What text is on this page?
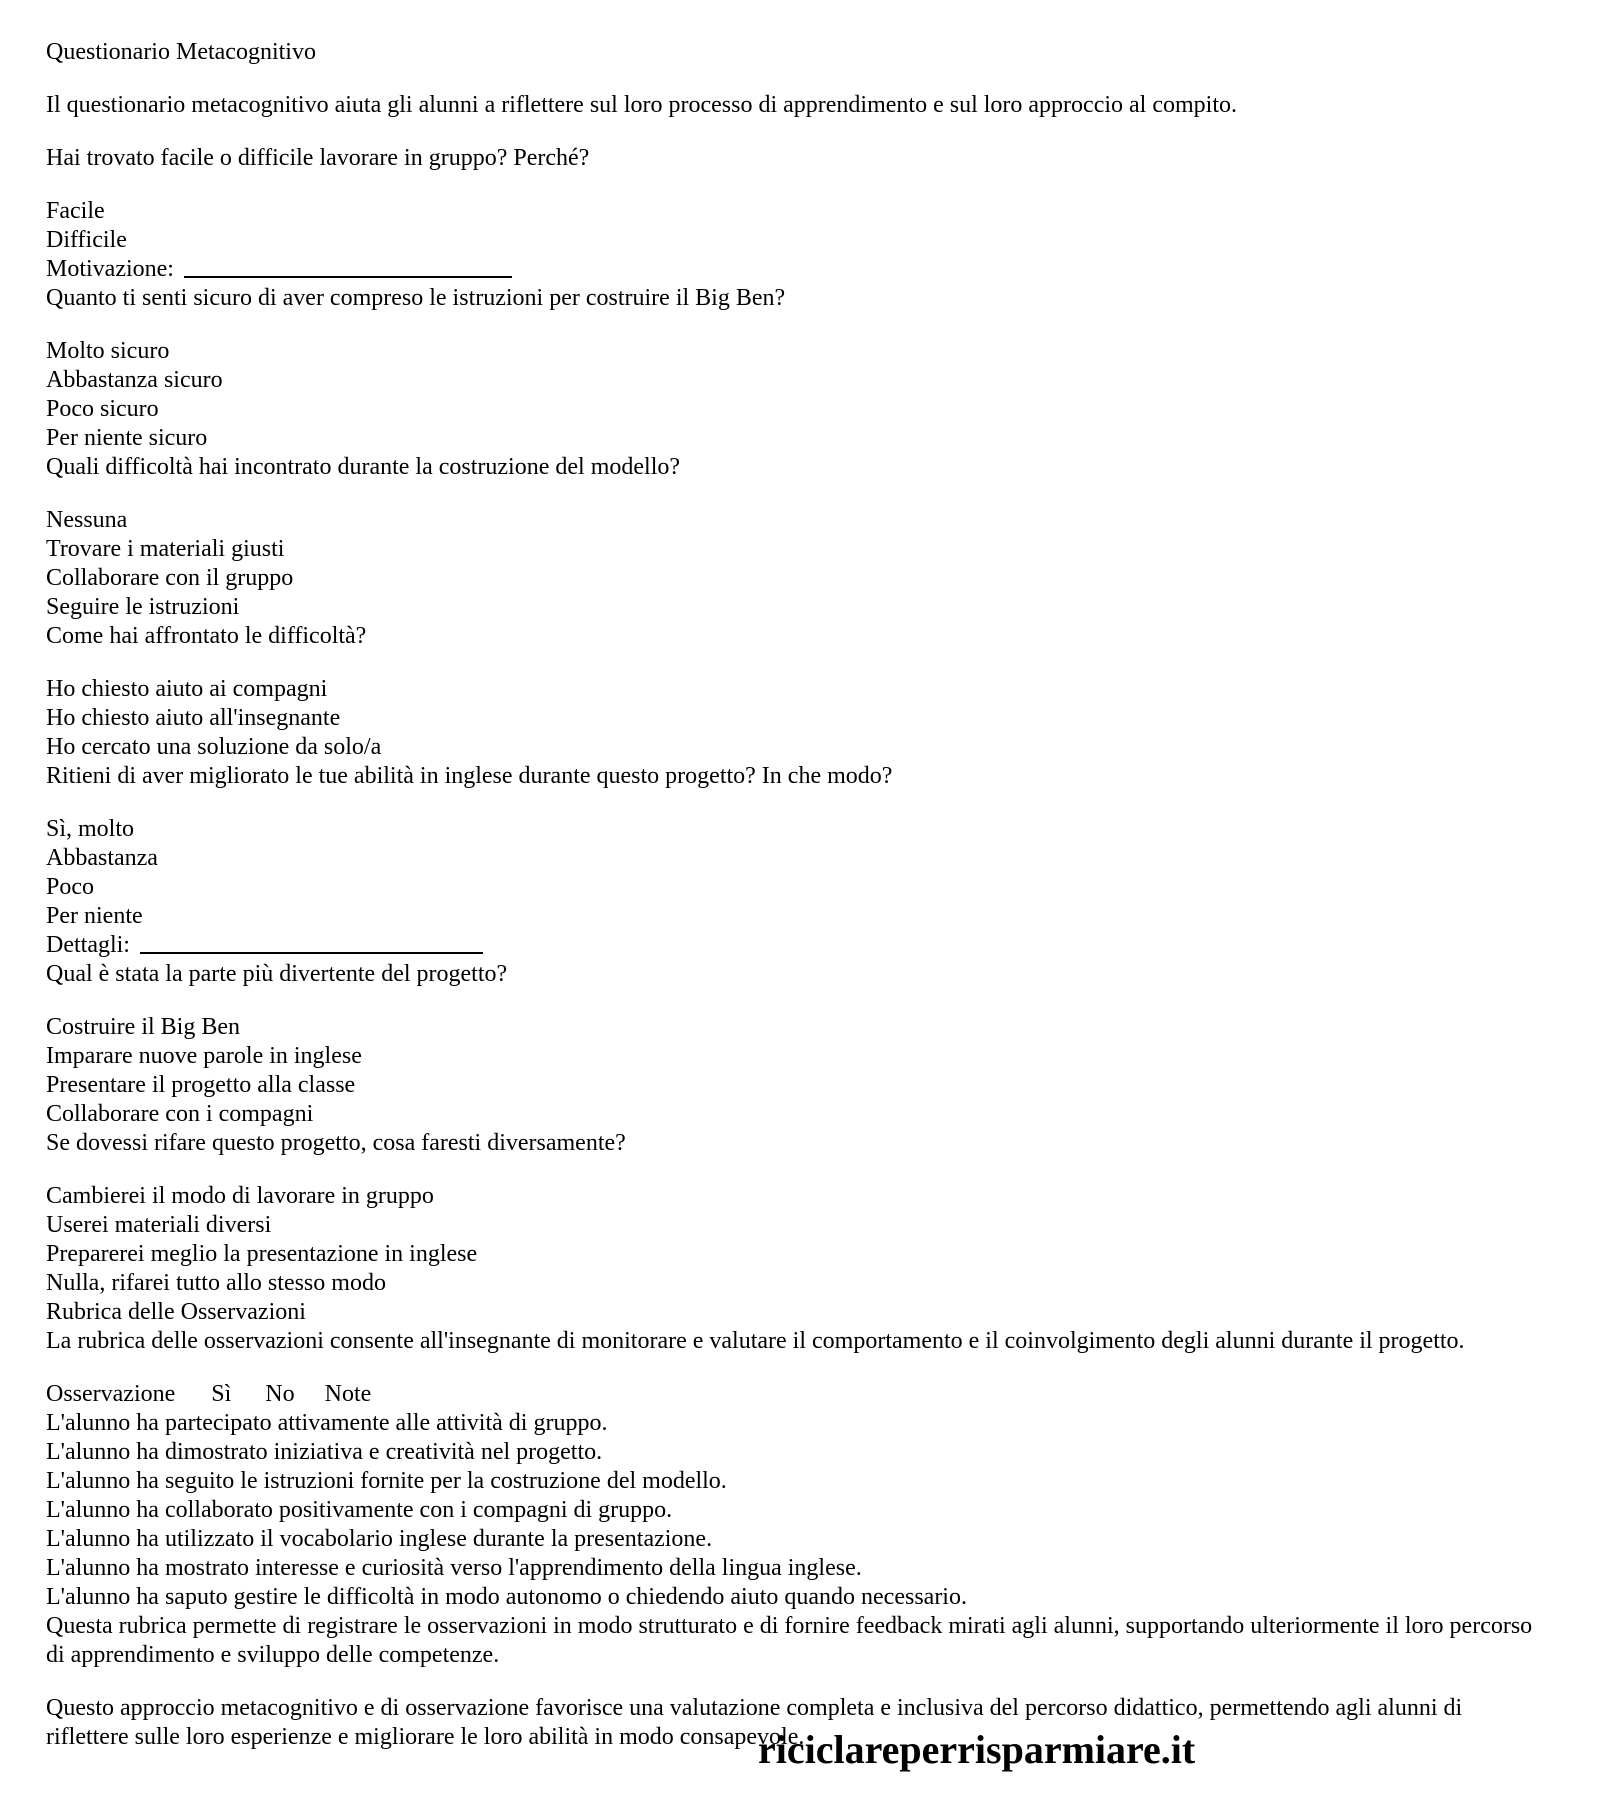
Questionario Metacognitivo
Il questionario metacognitivo aiuta gli alunni a riflettere sul loro processo di apprendimento e sul loro approccio al compito.
Hai trovato facile o difficile lavorare in gruppo? Perché?
Facile
Difficile
Motivazione:
Quanto ti senti sicuro di aver compreso le istruzioni per costruire il Big Ben?
Molto sicuro
Abbastanza sicuro
Poco sicuro
Per niente sicuro
Quali difficoltà hai incontrato durante la costruzione del modello?
Nessuna
Trovare i materiali giusti
Collaborare con il gruppo
Seguire le istruzioni
Come hai affrontato le difficoltà?
Ho chiesto aiuto ai compagni
Ho chiesto aiuto all'insegnante
Ho cercato una soluzione da solo/a
Ritieni di aver migliorato le tue abilità in inglese durante questo progetto? In che modo?
Sì, molto
Abbastanza
Poco
Per niente
Dettagli:
Qual è stata la parte più divertente del progetto?
Costruire il Big Ben
Imparare nuove parole in inglese
Presentare il progetto alla classe
Collaborare con i compagni
Se dovessi rifare questo progetto, cosa faresti diversamente?
Cambierei il modo di lavorare in gruppo
Userei materiali diversi
Preparerei meglio la presentazione in inglese
Nulla, rifarei tutto allo stesso modo
Rubrica delle Osservazioni
La rubrica delle osservazioni consente all'insegnante di monitorare e valutare il comportamento e il coinvolgimento degli alunni durante il progetto.
Osservazione Sì No Note
L'alunno ha partecipato attivamente alle attività di gruppo.
L'alunno ha dimostrato iniziativa e creatività nel progetto.
L'alunno ha seguito le istruzioni fornite per la costruzione del modello.
L'alunno ha collaborato positivamente con i compagni di gruppo.
L'alunno ha utilizzato il vocabolario inglese durante la presentazione.
L'alunno ha mostrato interesse e curiosità verso l'apprendimento della lingua inglese.
L'alunno ha saputo gestire le difficoltà in modo autonomo o chiedendo aiuto quando necessario.
Questa rubrica permette di registrare le osservazioni in modo strutturato e di fornire feedback mirati agli alunni, supportando ulteriormente il loro percorso di apprendimento e sviluppo delle competenze.
Questo approccio metacognitivo e di osservazione favorisce una valutazione completa e inclusiva del percorso didattico, permettendo agli alunni di riflettere sulle loro esperienze e migliorare le loro abilità in modo consapevole.
riciclareperrisparmiare.it
